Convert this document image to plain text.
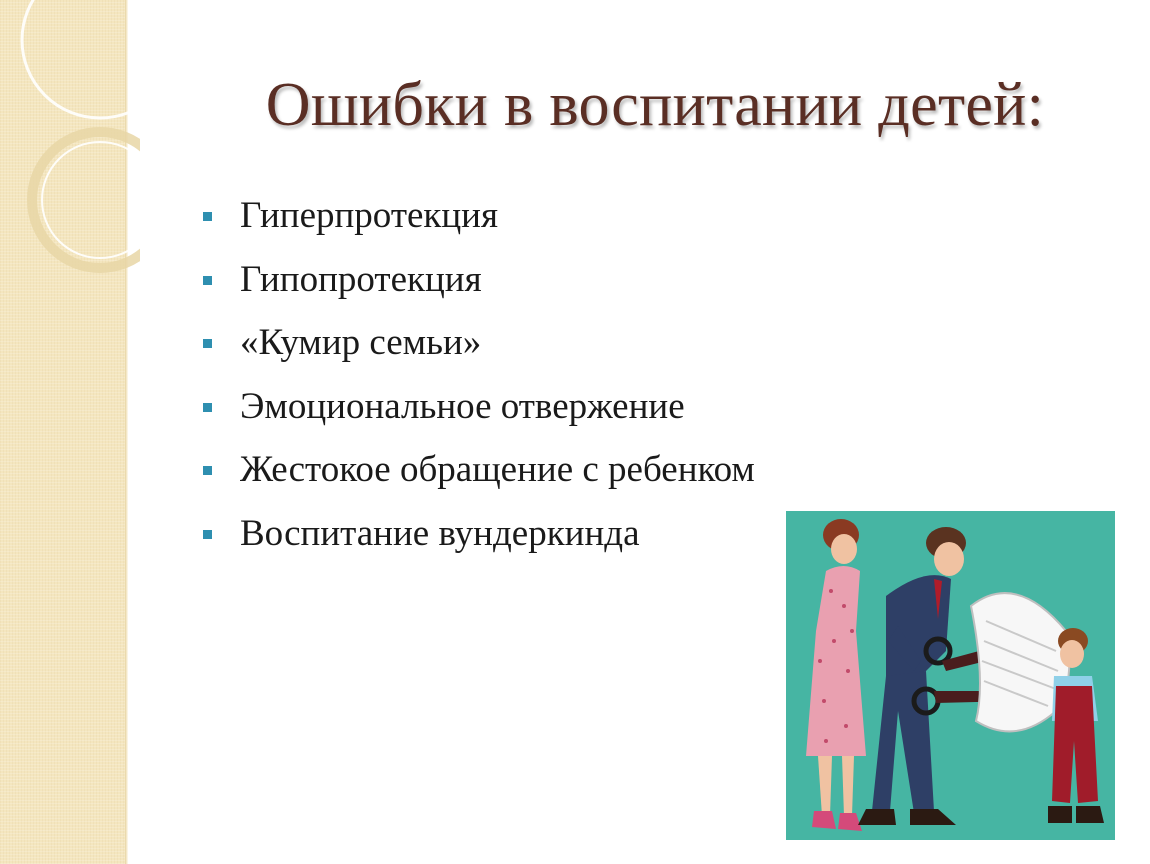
Ошибки в воспитании детей:
Гиперпротекция
Гипопротекция
«Кумир семьи»
Эмоциональное отвержение
Жестокое обращение с ребенком
Воспитание вундеркинда
